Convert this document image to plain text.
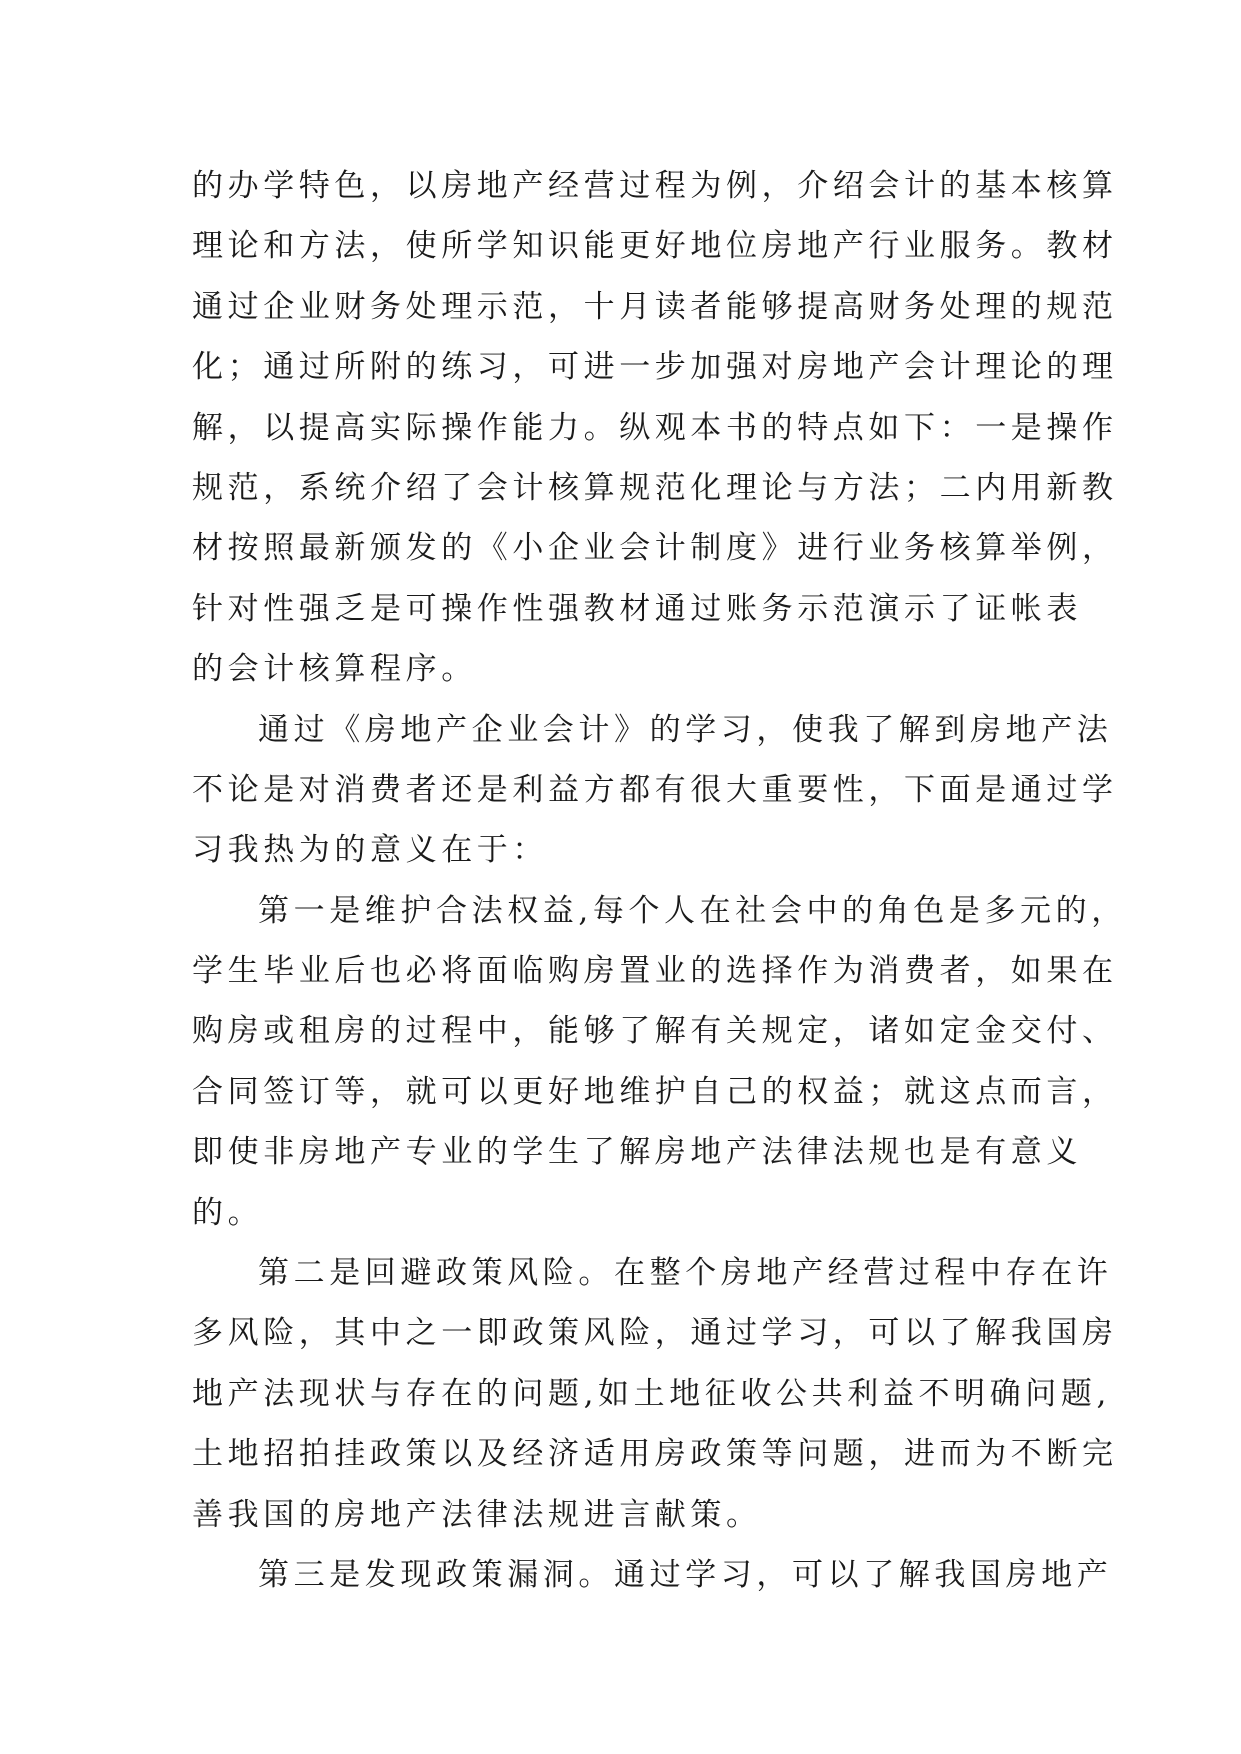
的办学特色，以房地产经营过程为例，介绍会计的基本核算
理论和方法，使所学知识能更好地位房地产行业服务。教材
通过企业财务处理示范，十月读者能够提高财务处理的规范
化；通过所附的练习，可进一步加强对房地产会计理论的理
解，以提高实际操作能力。纵观本书的特点如下：一是操作
规范，系统介绍了会计核算规范化理论与方法；二内用新教
材按照最新颁发的《小企业会计制度》进行业务核算举例，
针对性强乏是可操作性强教材通过账务示范演示了证帐表
的会计核算程序。

通过《房地产企业会计》的学习，使我了解到房地产法
不论是对消费者还是利益方都有很大重要性，下面是通过学
习我热为的意义在于：

第一是维护合法权益,每个人在社会中的角色是多元的，
学生毕业后也必将面临购房置业的选择作为消费者，如果在
购房或租房的过程中，能够了解有关规定，诸如定金交付、
合同签订等，就可以更好地维护自己的权益；就这点而言，
即使非房地产专业的学生了解房地产法律法规也是有意义
的。

第二是回避政策风险。在整个房地产经营过程中存在许
多风险，其中之一即政策风险，通过学习，可以了解我国房
地产法现状与存在的问题,如土地征收公共利益不明确问题,
土地招拍挂政策以及经济适用房政策等问题，进而为不断完
善我国的房地产法律法规进言献策。

第三是发现政策漏洞。通过学习，可以了解我国房地产
